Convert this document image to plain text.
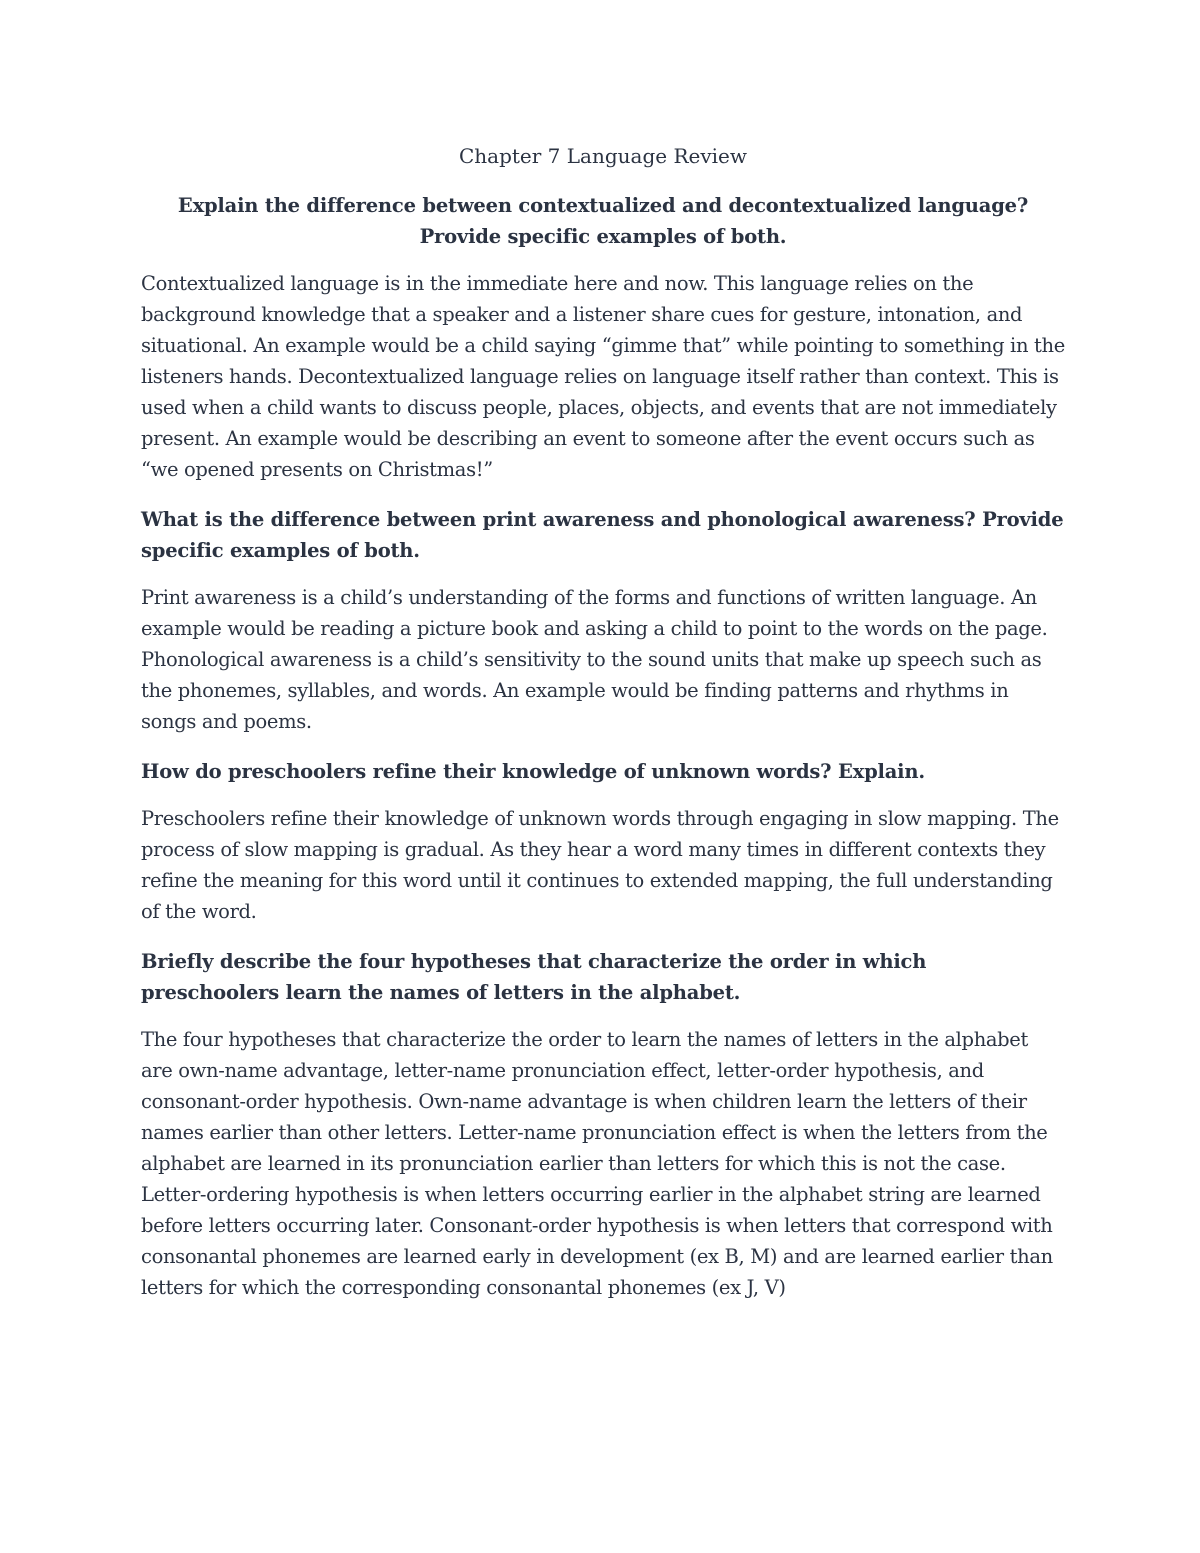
Chapter 7 Language Review

Explain the difference between contextualized and decontextualized language? Provide specific examples of both.

Contextualized language is in the immediate here and now. This language relies on the background knowledge that a speaker and a listener share cues for gesture, intonation, and situational. An example would be a child saying “gimme that” while pointing to something in the listeners hands. Decontextualized language relies on language itself rather than context. This is used when a child wants to discuss people, places, objects, and events that are not immediately present. An example would be describing an event to someone after the event occurs such as “we opened presents on Christmas!”

What is the difference between print awareness and phonological awareness? Provide specific examples of both.

Print awareness is a child’s understanding of the forms and functions of written language. An example would be reading a picture book and asking a child to point to the words on the page. Phonological awareness is a child’s sensitivity to the sound units that make up speech such as the phonemes, syllables, and words. An example would be finding patterns and rhythms in songs and poems.

How do preschoolers refine their knowledge of unknown words? Explain.

Preschoolers refine their knowledge of unknown words through engaging in slow mapping. The process of slow mapping is gradual. As they hear a word many times in different contexts they refine the meaning for this word until it continues to extended mapping, the full understanding of the word.

Briefly describe the four hypotheses that characterize the order in which preschoolers learn the names of letters in the alphabet.

The four hypotheses that characterize the order to learn the names of letters in the alphabet are own-name advantage, letter-name pronunciation effect, letter-order hypothesis, and consonant-order hypothesis. Own-name advantage is when children learn the letters of their names earlier than other letters. Letter-name pronunciation effect is when the letters from the alphabet are learned in its pronunciation earlier than letters for which this is not the case. Letter-ordering hypothesis is when letters occurring earlier in the alphabet string are learned before letters occurring later. Consonant-order hypothesis is when letters that correspond with consonantal phonemes are learned early in development (ex B, M) and are learned earlier than letters for which the corresponding consonantal phonemes (ex J, V)
